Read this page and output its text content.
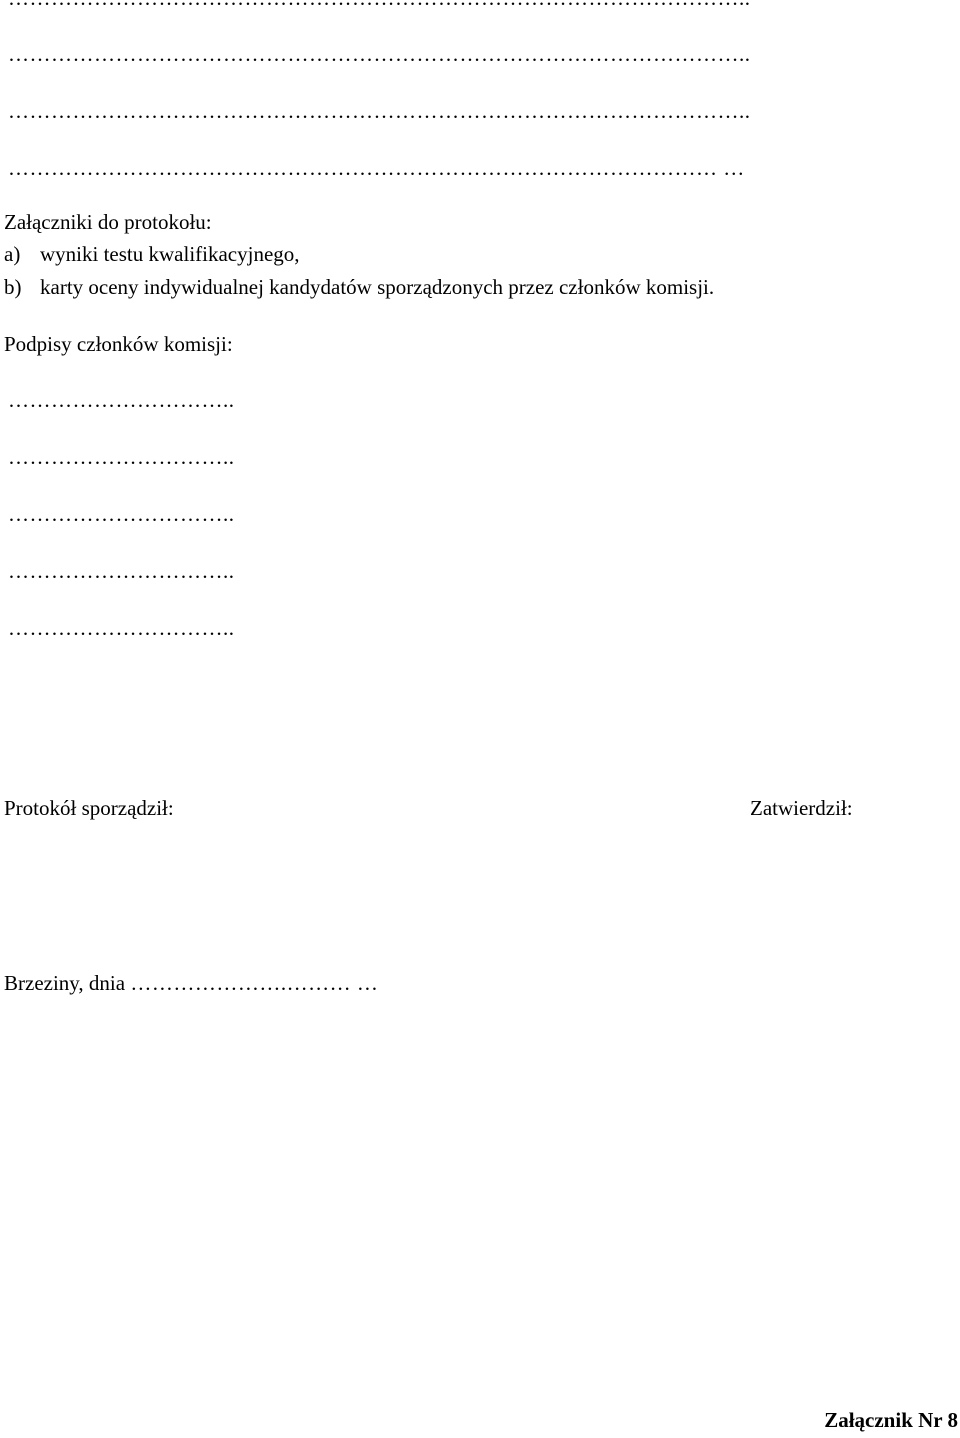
…………………………………………………………………………………………..
…………………………………………………………………………………………..
……………………………………………………………………………………… …
Załączniki do protokołu:
a) wyniki testu kwalifikacyjnego,
b) karty oceny indywidualnej kandydatów sporządzonych przez członków komisji.
Podpisy członków komisji:
…………………………..
…………………………..
…………………………..
…………………………..
…………………………..
Protokół sporządził:	Zatwierdził:
Brzeziny, dnia ………………….……… …
Załącznik Nr 8
